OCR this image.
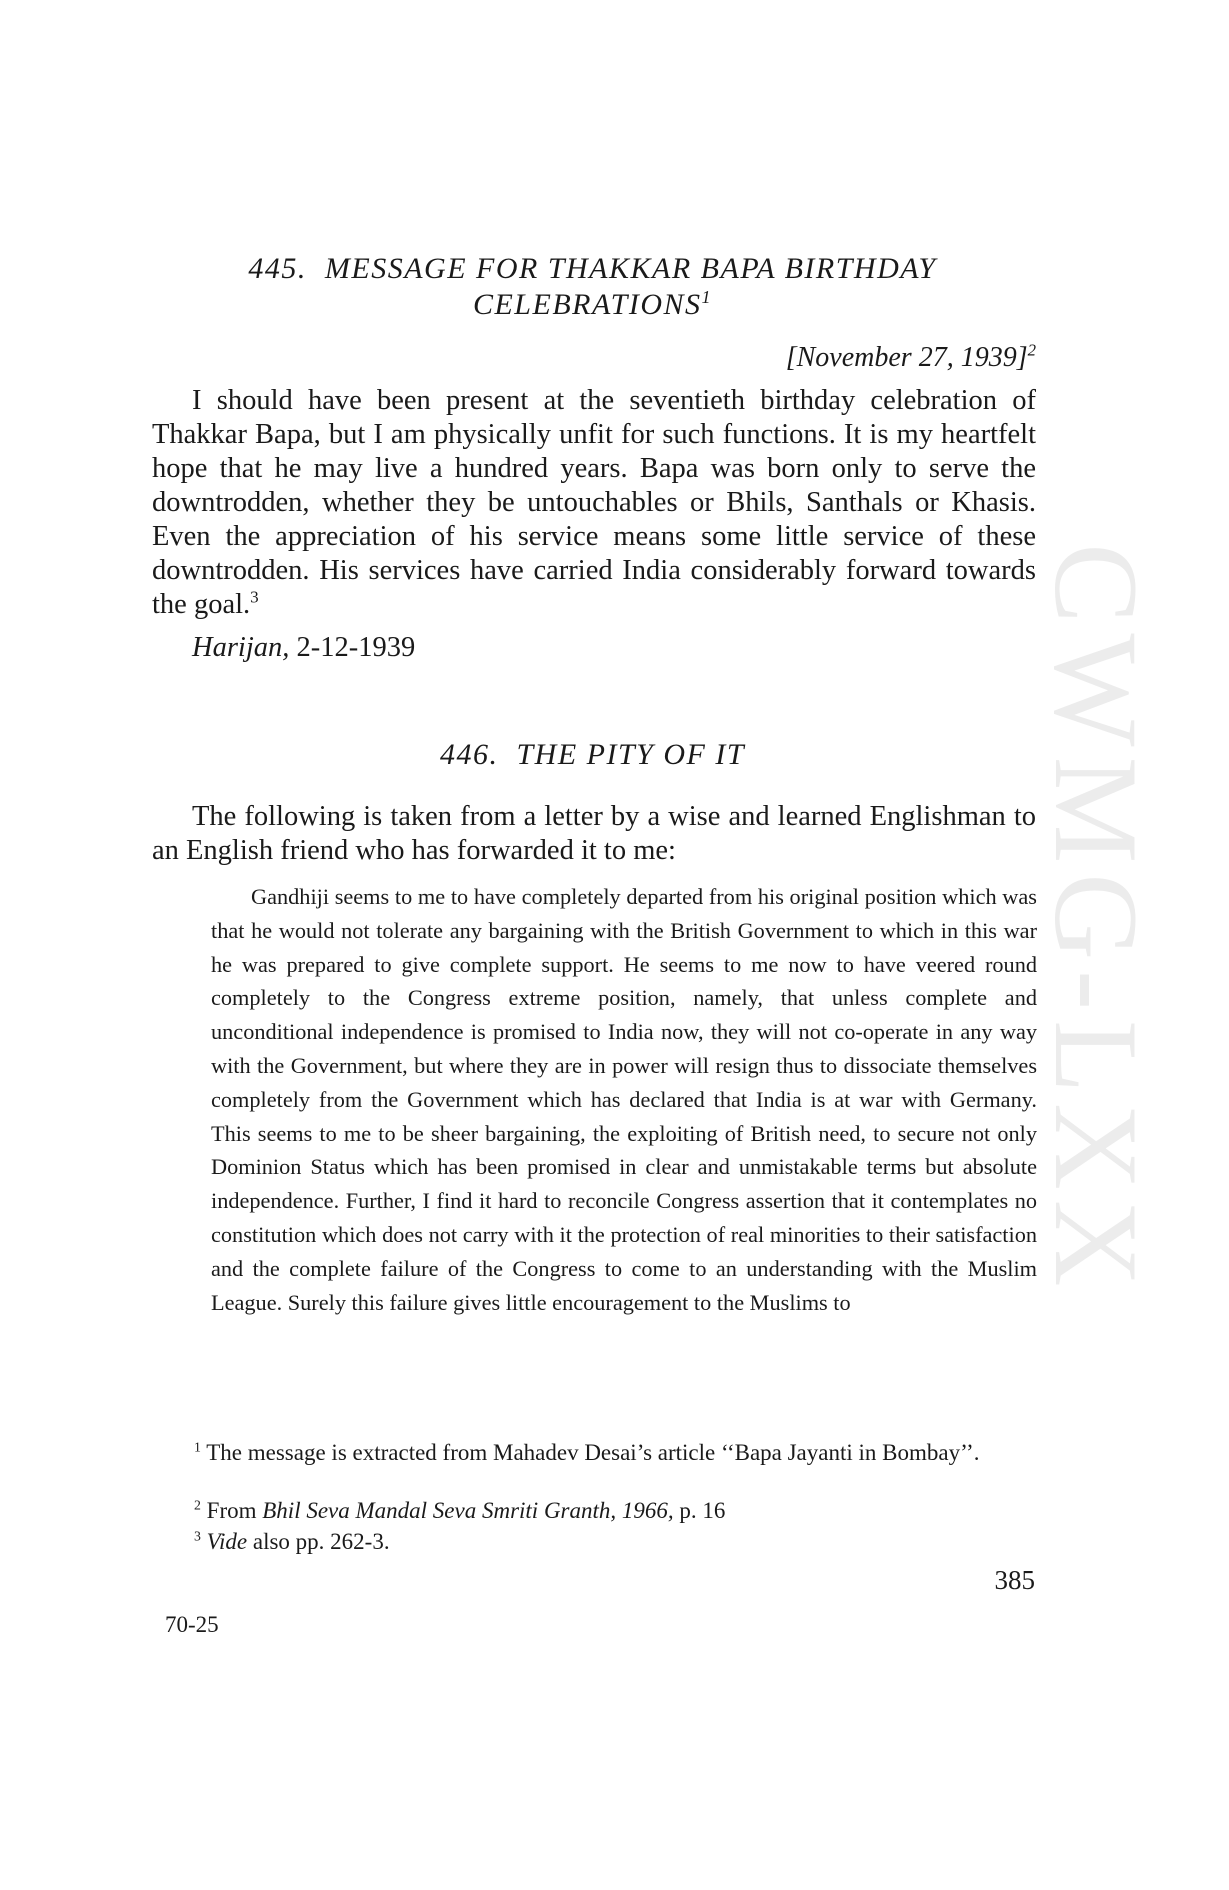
CWMG-LXX
445. MESSAGE FOR THAKKAR BAPA BIRTHDAY
CELEBRATIONS$^1$
[November 27, 1939]$^2$

I should have been present at the seventieth birthday celebration of Thakkar Bapa, but I am physically unfit for such functions. It is my heartfelt hope that he may live a hundred years. Bapa was born only to serve the downtrodden, whether they be untouchables or Bhils, Santhals or Khasis. Even the appreciation of his service means some little service of these downtrodden. His services have carried India considerably forward towards the goal.$^3$

Harijan, 2-12-1939
446. THE PITY OF IT

The following is taken from a letter by a wise and learned Englishman to an English friend who has forwarded it to me:

Gandhiji seems to me to have completely departed from his original position which was that he would not tolerate any bargaining with the British Government to which in this war he was prepared to give complete support. He seems to me now to have veered round completely to the Congress extreme position, namely, that unless complete and unconditional independence is promised to India now, they will not co-operate in any way with the Government, but where they are in power will resign thus to dissociate themselves completely from the Government which has declared that India is at war with Germany. This seems to me to be sheer bargaining, the exploiting of British need, to secure not only Dominion Status which has been promised in clear and unmistakable terms but absolute independence. Further, I find it hard to reconcile Congress assertion that it contemplates no constitution which does not carry with it the protection of real minorities to their satisfaction and the complete failure of the Congress to come to an understanding with the Muslim League. Surely this failure gives little encouragement to the Muslims to

$^1$ The message is extracted from Mahadev Desai’s article ‘‘Bapa Jayanti in Bombay’’.
$^2$ From Bhil Seva Mandal Seva Smriti Granth, 1966, p. 16
$^3$ Vide also pp. 262-3.
385
70-25
